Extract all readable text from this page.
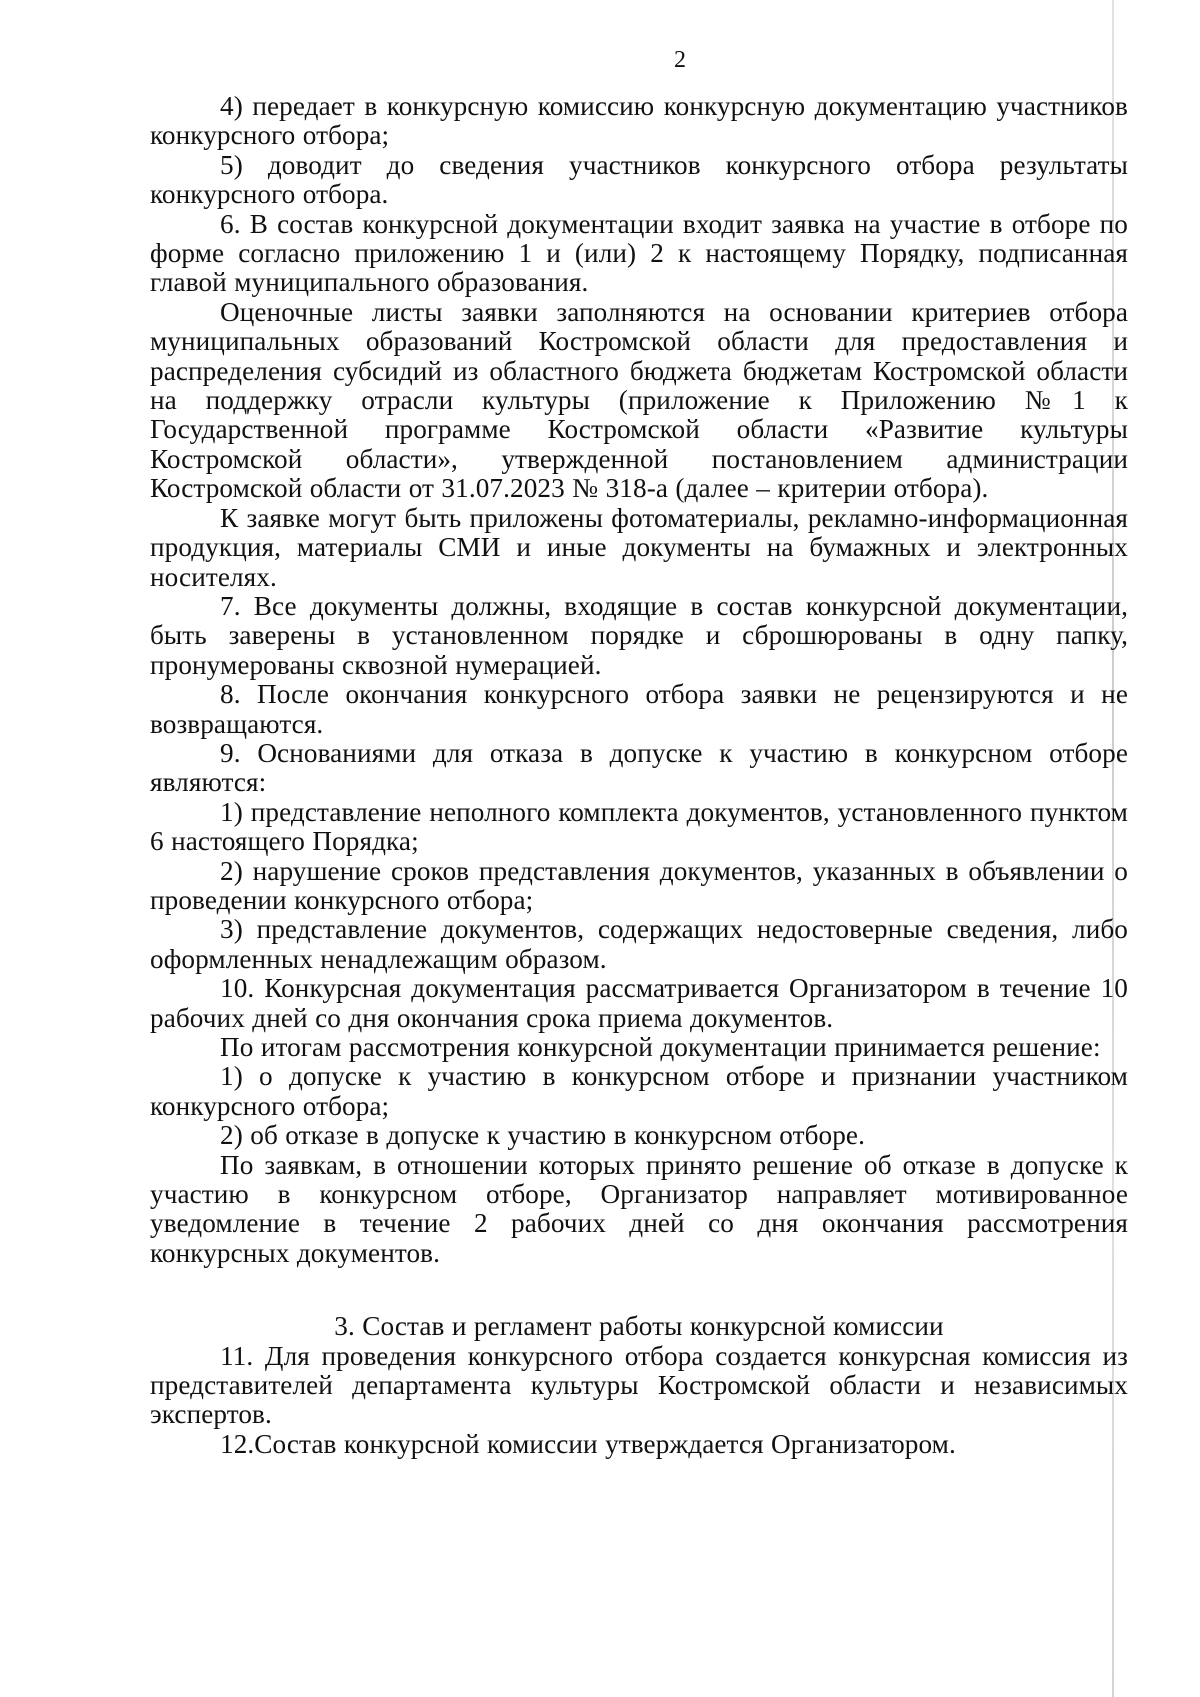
2

4) передает в конкурсную комиссию конкурсную документацию участников конкурсного отбора;

5) доводит до сведения участников конкурсного отбора результаты конкурсного отбора.

6. В состав конкурсной документации входит заявка на участие в отборе по форме согласно приложению 1 и (или) 2 к настоящему Порядку, подписанная главой муниципального образования.

Оценочные листы заявки заполняются на основании критериев отбора муниципальных образований Костромской области для предоставления и распределения субсидий из областного бюджета бюджетам Костромской области на поддержку отрасли культуры (приложение к Приложению №1 к Государственной программе Костромской области «Развитие культуры Костромской области», утвержденной постановлением администрации Костромской области от 31.07.2023 № 318-а (далее – критерии отбора).

К заявке могут быть приложены фотоматериалы, рекламно-информационная продукция, материалы СМИ и иные документы на бумажных и электронных носителях.

7. Все документы должны, входящие в состав конкурсной документации, быть заверены в установленном порядке и сброшюрованы в одну папку, пронумерованы сквозной нумерацией.

8. После окончания конкурсного отбора заявки не рецензируются и не возвращаются.

9. Основаниями для отказа в допуске к участию в конкурсном отборе являются:

1) представление неполного комплекта документов, установленного пунктом 6 настоящего Порядка;

2) нарушение сроков представления документов, указанных в объявлении о проведении конкурсного отбора;

3) представление документов, содержащих недостоверные сведения, либо оформленных ненадлежащим образом.

10. Конкурсная документация рассматривается Организатором в течение 10 рабочих дней со дня окончания срока приема документов.

По итогам рассмотрения конкурсной документации принимается решение:

1) о допуске к участию в конкурсном отборе и признании участником конкурсного отбора;

2) об отказе в допуске к участию в конкурсном отборе.

По заявкам, в отношении которых принято решение об отказе в допуске к участию в конкурсном отборе, Организатор направляет мотивированное уведомление в течение 2 рабочих дней со дня окончания рассмотрения конкурсных документов.

3. Состав и регламент работы конкурсной комиссии

11. Для проведения конкурсного отбора создается конкурсная комиссия из представителей департамента культуры Костромской области и независимых экспертов.

12.Состав конкурсной комиссии утверждается Организатором.
